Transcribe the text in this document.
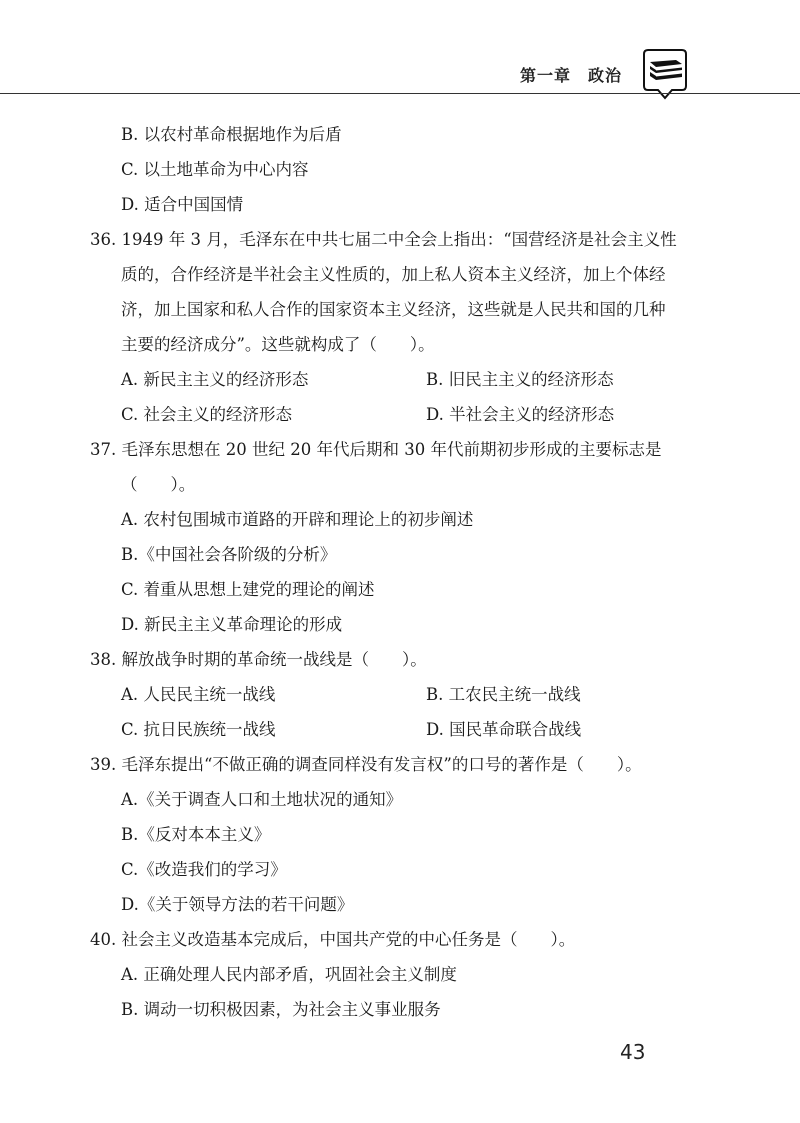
第一章　政治
B. 以农村革命根据地作为后盾
C. 以土地革命为中心内容
D. 适合中国国情
36. 1949 年 3 月，毛泽东在中共七届二中全会上指出：“国营经济是社会主义性
质的，合作经济是半社会主义性质的，加上私人资本主义经济，加上个体经
济，加上国家和私人合作的国家资本主义经济，这些就是人民共和国的几种
主要的经济成分”。这些就构成了（　　）。
A. 新民主主义的经济形态	B. 旧民主主义的经济形态
C. 社会主义的经济形态	D. 半社会主义的经济形态
37. 毛泽东思想在 20 世纪 20 年代后期和 30 年代前期初步形成的主要标志是
（　　）。
A. 农村包围城市道路的开辟和理论上的初步阐述
B.《中国社会各阶级的分析》
C. 着重从思想上建党的理论的阐述
D. 新民主主义革命理论的形成
38. 解放战争时期的革命统一战线是（　　）。
A. 人民民主统一战线	B. 工农民主统一战线
C. 抗日民族统一战线	D. 国民革命联合战线
39. 毛泽东提出“不做正确的调查同样没有发言权”的口号的著作是（　　）。
A.《关于调查人口和土地状况的通知》
B.《反对本本主义》
C.《改造我们的学习》
D.《关于领导方法的若干问题》
40. 社会主义改造基本完成后，中国共产党的中心任务是（　　）。
A. 正确处理人民内部矛盾，巩固社会主义制度
B. 调动一切积极因素，为社会主义事业服务
43
